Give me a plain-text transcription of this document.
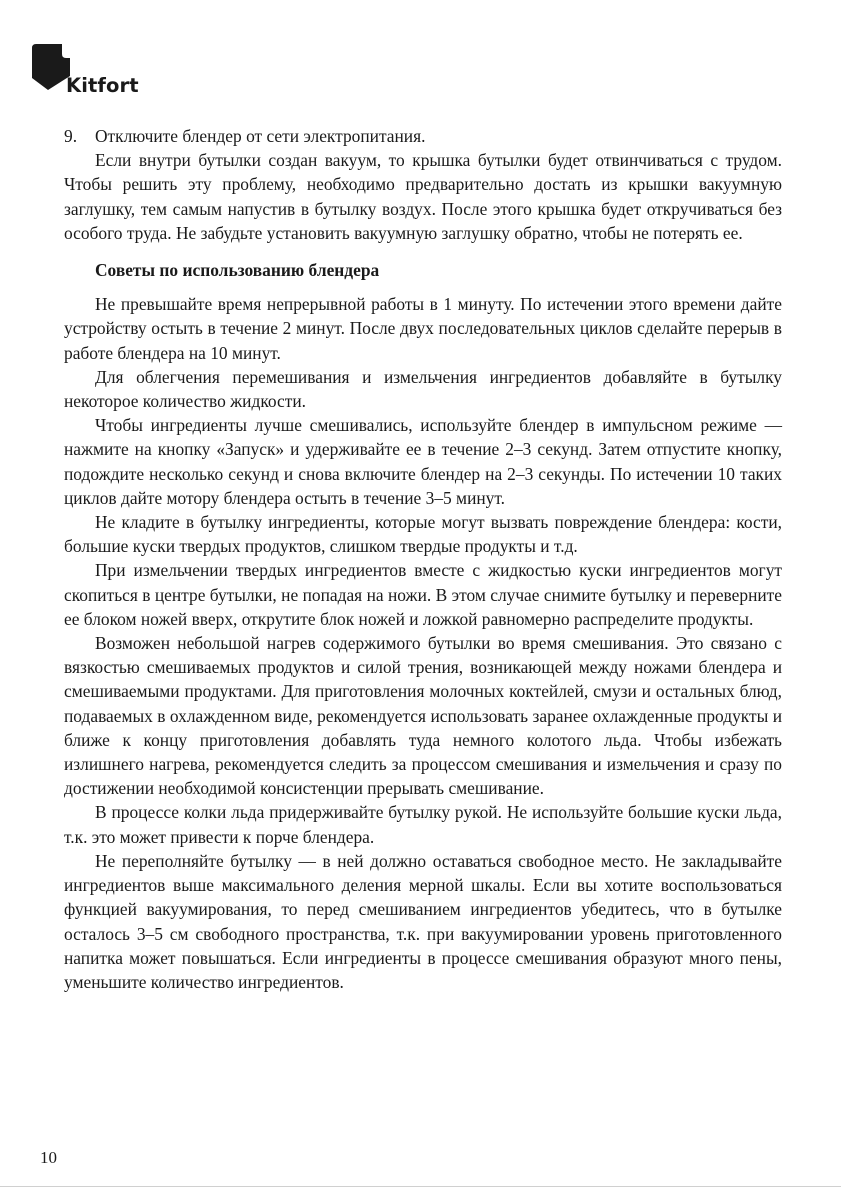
Kitfort
9.	Отключите блендер от сети электропитания.

Если внутри бутылки создан вакуум, то крышка бутылки будет отвинчиваться с трудом. Чтобы решить эту проблему, необходимо предварительно достать из крышки вакуумную заглушку, тем самым напустив в бутылку воздух. После этого крышка будет откручиваться без особого труда. Не забудьте установить вакуумную заглушку обратно, чтобы не потерять ее.

Советы по использованию блендера

Не превышайте время непрерывной работы в 1 минуту. По истечении этого времени дайте устройству остыть в течение 2 минут. После двух последовательных циклов сделайте перерыв в работе блендера на 10 минут.

Для облегчения перемешивания и измельчения ингредиентов добавляйте в бутылку некоторое количество жидкости.

Чтобы ингредиенты лучше смешивались, используйте блендер в импульсном режиме — нажмите на кнопку «Запуск» и удерживайте ее в течение 2–3 секунд. Затем отпустите кнопку, подождите несколько секунд и снова включите блендер на 2–3 секунды. По истечении 10 таких циклов дайте мотору блендера остыть в течение 3–5 минут.

Не кладите в бутылку ингредиенты, которые могут вызвать повреждение блендера: кости, большие куски твердых продуктов, слишком твердые продукты и т.д.

При измельчении твердых ингредиентов вместе с жидкостью куски ингредиентов могут скопиться в центре бутылки, не попадая на ножи. В этом случае снимите бутылку и переверните ее блоком ножей вверх, открутите блок ножей и ложкой равномерно распределите продукты.

Возможен небольшой нагрев содержимого бутылки во время смешивания. Это связано с вязкостью смешиваемых продуктов и силой трения, возникающей между ножами блендера и смешиваемыми продуктами. Для приготовления молочных коктейлей, смузи и остальных блюд, подаваемых в охлажденном виде, рекомендуется использовать заранее охлажденные продукты и ближе к концу приготовления добавлять туда немного колотого льда. Чтобы избежать излишнего нагрева, рекомендуется следить за процессом смешивания и измельчения и сразу по достижении необходимой консистенции прерывать смешивание.

В процессе колки льда придерживайте бутылку рукой. Не используйте большие куски льда, т.к. это может привести к порче блендера.

Не переполняйте бутылку — в ней должно оставаться свободное место. Не закладывайте ингредиентов выше максимального деления мерной шкалы. Если вы хотите воспользоваться функцией вакуумирования, то перед смешиванием ингредиентов убедитесь, что в бутылке осталось 3–5 см свободного пространства, т.к. при вакуумировании уровень приготовленного напитка может повышаться. Если ингредиенты в процессе смешивания образуют много пены, уменьшите количество ингредиентов.

10
